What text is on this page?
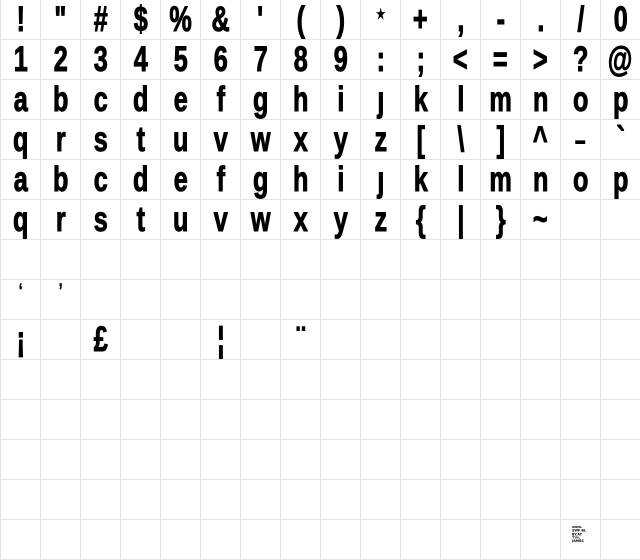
! " # $ % & ' ( ) ★ + , - . / 0
1 2 3 4 5 6 7 8 9 : ; < = > ? @
a b c d e f g h i ȷ k l m n o p
q r s t u v w x y z [ \ ] ^ – `
a b c d e f g h i ȷ k l m n o p
q r s t u v w x y z { | } ~
‘ ’
¡ £	¦ ¨
www.
SWF BL
BY.AT
'I'm,
JAMES
